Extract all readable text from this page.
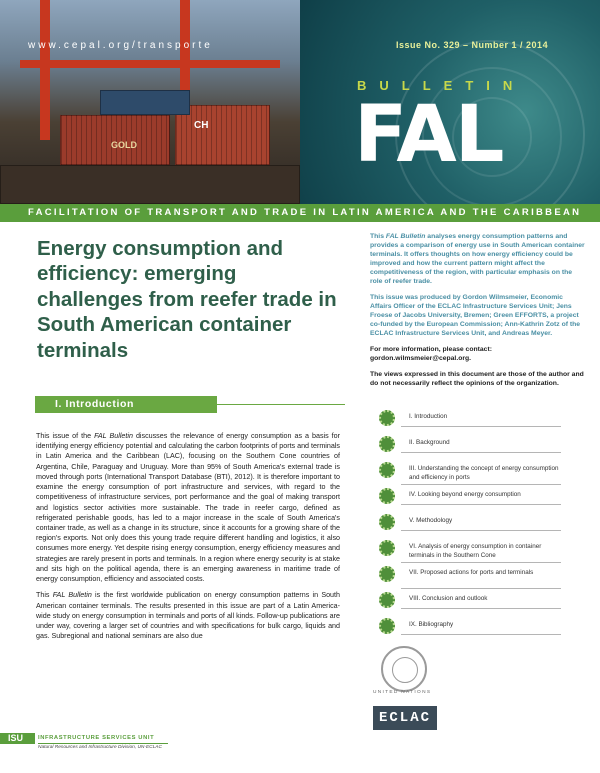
GOLD
CH
www.cepal.org/transporte	Issue No. 329 – Number 1 / 2014
BULLETIN
FAL
FACILITATION OF TRANSPORT AND TRADE IN LATIN AMERICA AND THE CARIBBEAN
Energy consumption and efficiency: emerging challenges from reefer trade in South American container terminals

This FAL Bulletin analyses energy consumption patterns and provides a comparison of energy use in South American container terminals. It offers thoughts on how energy efficiency could be improved and how the current pattern might affect the competitiveness of the region, with particular emphasis on the role of reefer trade.

This issue was produced by Gordon Wilmsmeier, Economic Affairs Officer of the ECLAC Infrastructure Services Unit; Jens Froese of Jacobs University, Bremen; Green EFFORTS, a project co-funded by the European Commission; Ann-Kathrin Zotz of the ECLAC Infrastructure Services Unit, and Andreas Meyer.

For more information, please contact: gordon.wilmsmeier@cepal.org.

The views expressed in this document are those of the author and do not necessarily reflect the opinions of the organization.

I. Introduction

This issue of the FAL Bulletin discusses the relevance of energy consumption as a basis for identifying energy efficiency potential and calculating the carbon footprints of ports and terminals in Latin America and the Caribbean (LAC), focusing on the Southern Cone countries of Argentina, Chile, Paraguay and Uruguay. More than 95% of South America's external trade is moved through ports (International Transport Database (BTI), 2012). It is therefore important to examine the energy consumption of port infrastructure and services, with regard to the competitiveness of infrastructure services, port performance and the goal of making transport and logistics sector activities more sustainable. The trade in reefer cargo, defined as refrigerated perishable goods, has led to a major increase in the scale of South America's container trade, as well as a change in its structure, since it accounts for a growing share of the region's exports. Not only does this young trade require different handling and logistics, it also consumes more energy. Yet despite rising energy consumption, energy efficiency measures and strategies are rarely present in ports and terminals. In a region where energy security is at stake and sits high on the political agenda, there is an emerging awareness in maritime trade of energy consumption, efficiency and associated costs.

This FAL Bulletin is the first worldwide publication on energy consumption patterns in South American container terminals. The results presented in this issue are part of a Latin America-wide study on energy consumption in terminals and ports of all kinds. Follow-up publications are under way, covering a larger set of countries and with specifications for bulk cargo, liquids and gas. Subregional and national seminars are also due

I. Introduction
II. Background
III. Understanding the concept of energy consumption and efficiency in ports
IV. Looking beyond energy consumption
V. Methodology
VI. Analysis of energy consumption in container terminals in the Southern Cone
VII. Proposed actions for ports and terminals
VIII. Conclusion and outlook
IX. Bibliography
UNITED NATIONS
ECLAC
ISU	INFRASTRUCTURE SERVICES UNIT
Natural Resources and Infrastructure Division, UN-ECLAC
